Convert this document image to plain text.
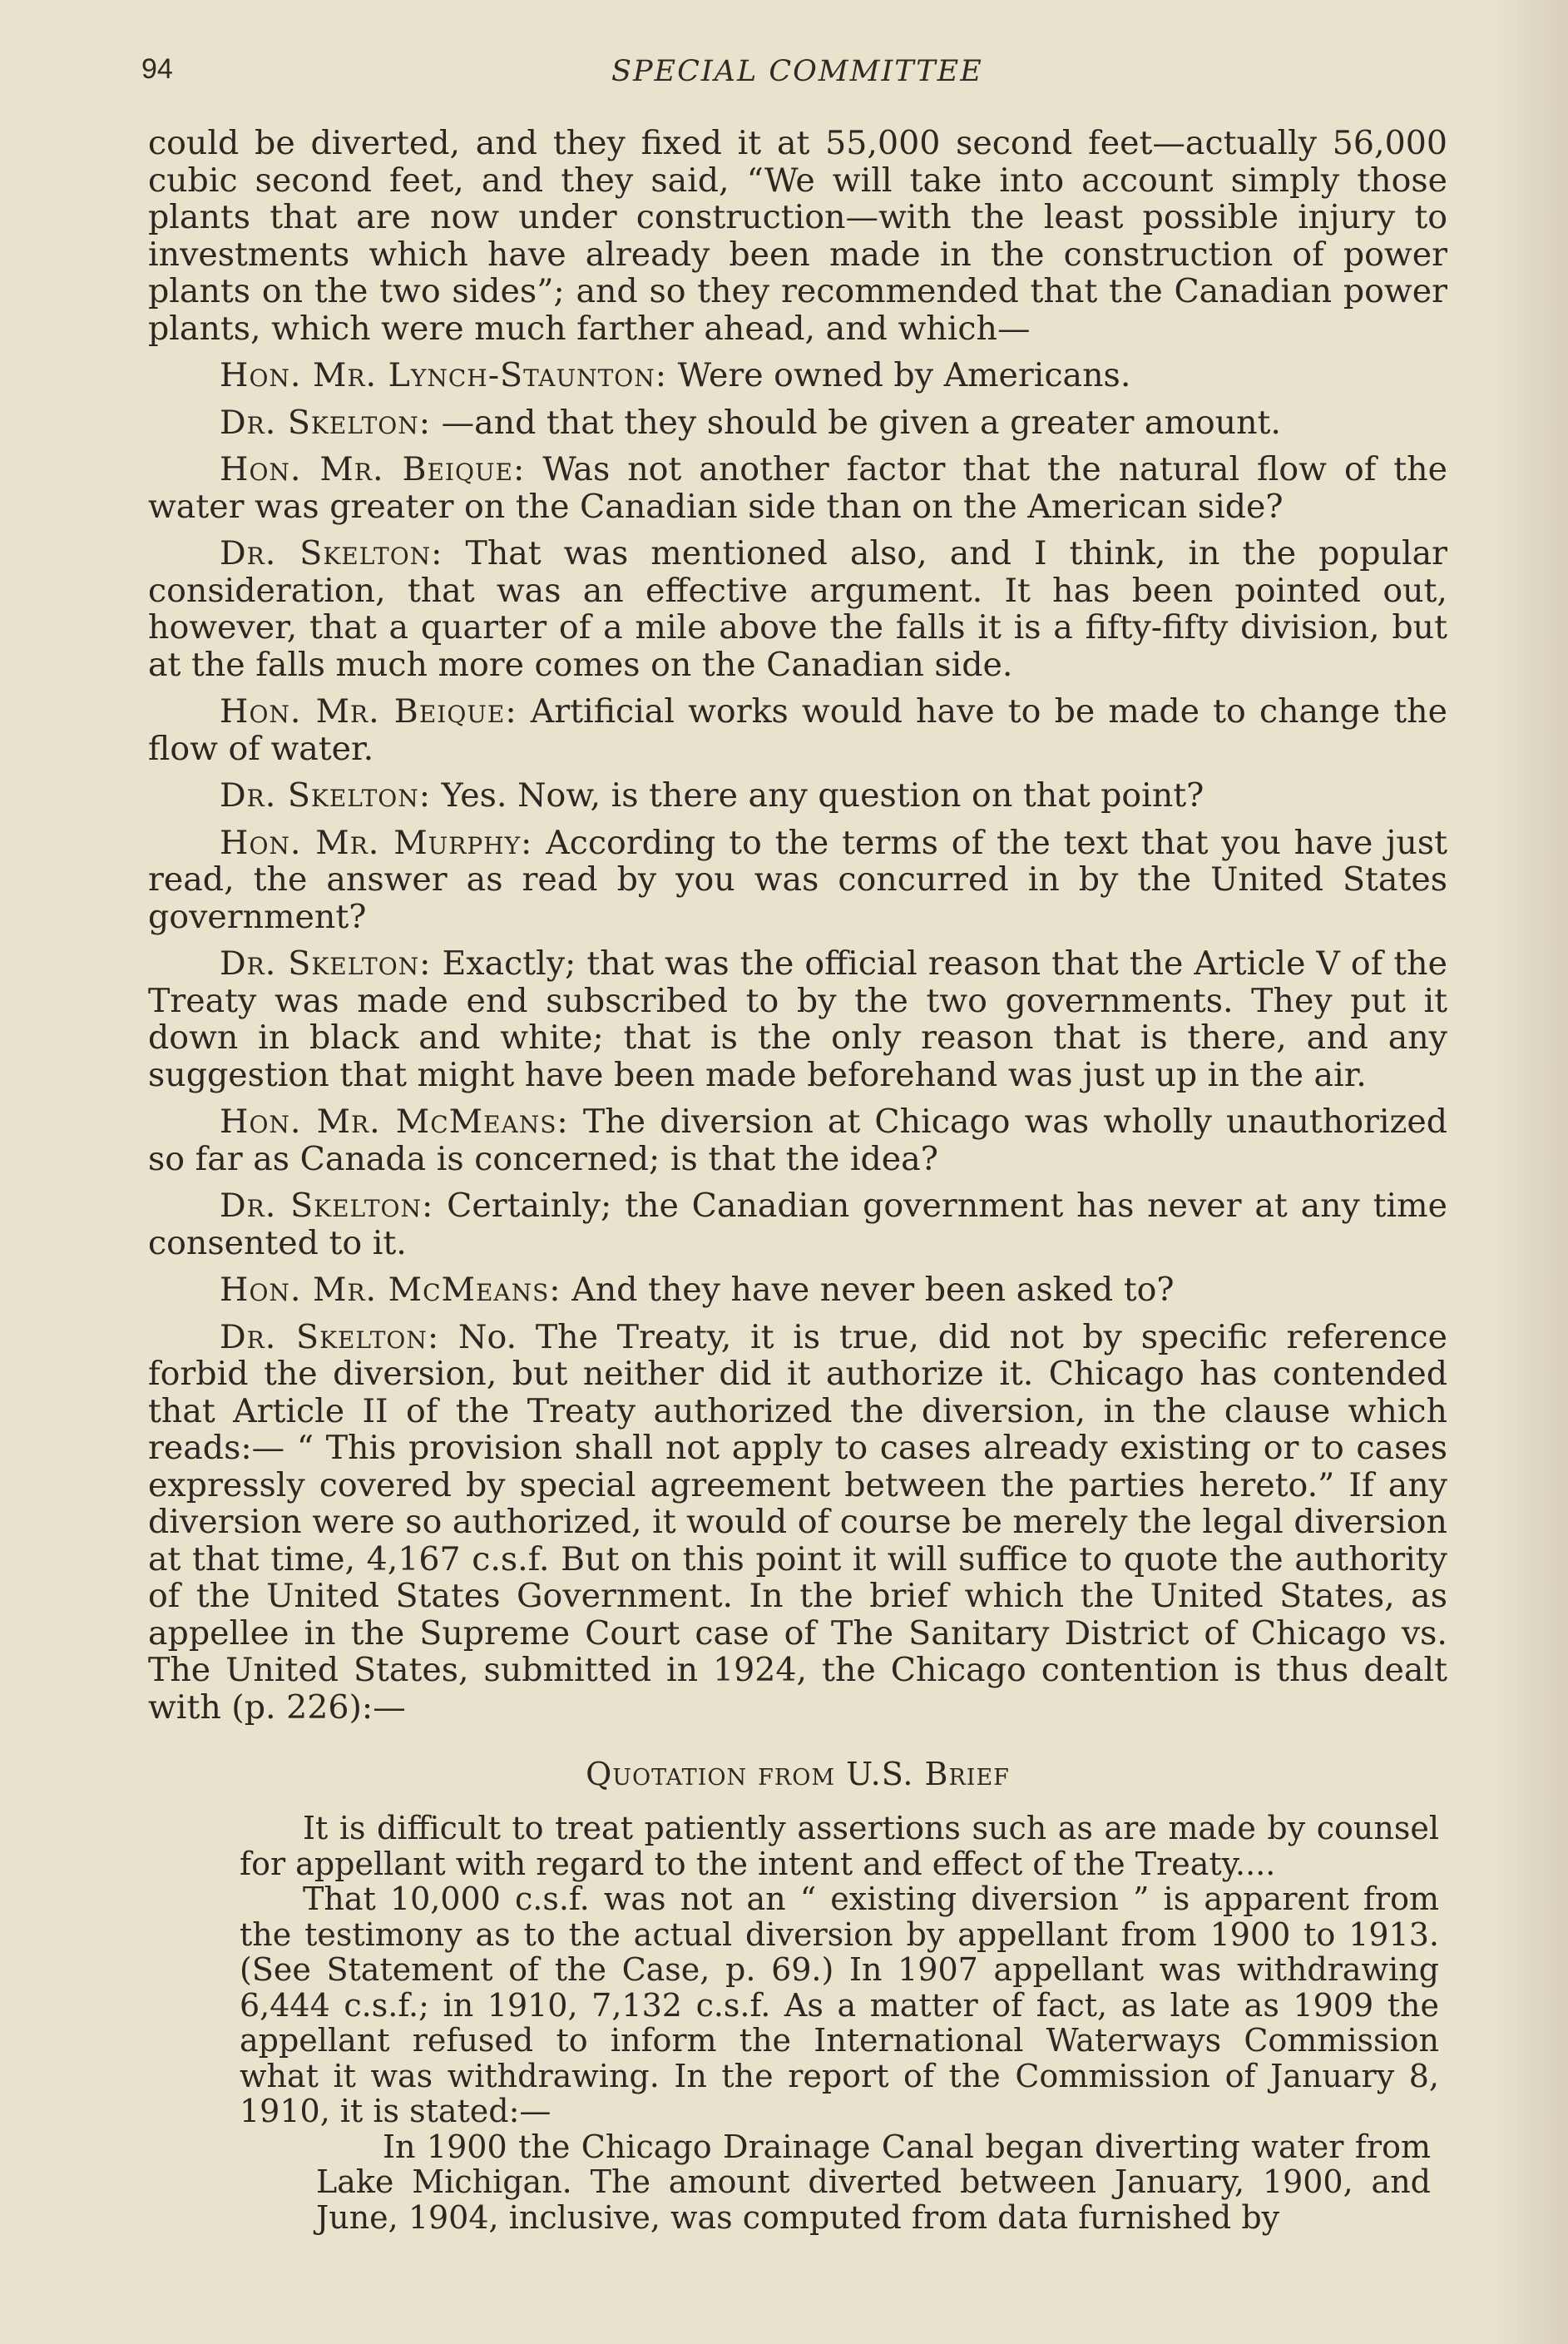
94	SPECIAL COMMITTEE

could be diverted, and they fixed it at 55,000 second feet—actually 56,000 cubic second feet, and they said, “We will take into account simply those plants that are now under construction—with the least possible injury to investments which have already been made in the construction of power plants on the two sides”; and so they recommended that the Canadian power plants, which were much farther ahead, and which—

Hon. Mr. Lynch-Staunton: Were owned by Americans.

Dr. Skelton: —and that they should be given a greater amount.

Hon. Mr. Beique: Was not another factor that the natural flow of the water was greater on the Canadian side than on the American side?

Dr. Skelton: That was mentioned also, and I think, in the popular consideration, that was an effective argument. It has been pointed out, however, that a quarter of a mile above the falls it is a fifty-fifty division, but at the falls much more comes on the Canadian side.

Hon. Mr. Beique: Artificial works would have to be made to change the flow of water.

Dr. Skelton: Yes. Now, is there any question on that point?

Hon. Mr. Murphy: According to the terms of the text that you have just read, the answer as read by you was concurred in by the United States government?

Dr. Skelton: Exactly; that was the official reason that the Article V of the Treaty was made end subscribed to by the two governments. They put it down in black and white; that is the only reason that is there, and any suggestion that might have been made beforehand was just up in the air.

Hon. Mr. McMeans: The diversion at Chicago was wholly unauthorized so far as Canada is concerned; is that the idea?

Dr. Skelton: Certainly; the Canadian government has never at any time consented to it.

Hon. Mr. McMeans: And they have never been asked to?

Dr. Skelton: No. The Treaty, it is true, did not by specific reference forbid the diversion, but neither did it authorize it. Chicago has contended that Article II of the Treaty authorized the diversion, in the clause which reads:— “ This provision shall not apply to cases already existing or to cases expressly covered by special agreement between the parties hereto.” If any diversion were so authorized, it would of course be merely the legal diversion at that time, 4,167 c.s.f. But on this point it will suffice to quote the authority of the United States Government. In the brief which the United States, as appellee in the Supreme Court case of The Sanitary District of Chicago vs. The United States, submitted in 1924, the Chicago contention is thus dealt with (p. 226):—

Quotation from U.S. Brief

It is difficult to treat patiently assertions such as are made by counsel for appellant with regard to the intent and effect of the Treaty....

That 10,000 c.s.f. was not an “ existing diversion ” is apparent from the testimony as to the actual diversion by appellant from 1900 to 1913. (See Statement of the Case, p. 69.) In 1907 appellant was withdrawing 6,444 c.s.f.; in 1910, 7,132 c.s.f. As a matter of fact, as late as 1909 the appellant refused to inform the International Waterways Commission what it was withdrawing. In the report of the Commission of January 8, 1910, it is stated:—

In 1900 the Chicago Drainage Canal began diverting water from Lake Michigan. The amount diverted between January, 1900, and June, 1904, inclusive, was computed from data furnished by
